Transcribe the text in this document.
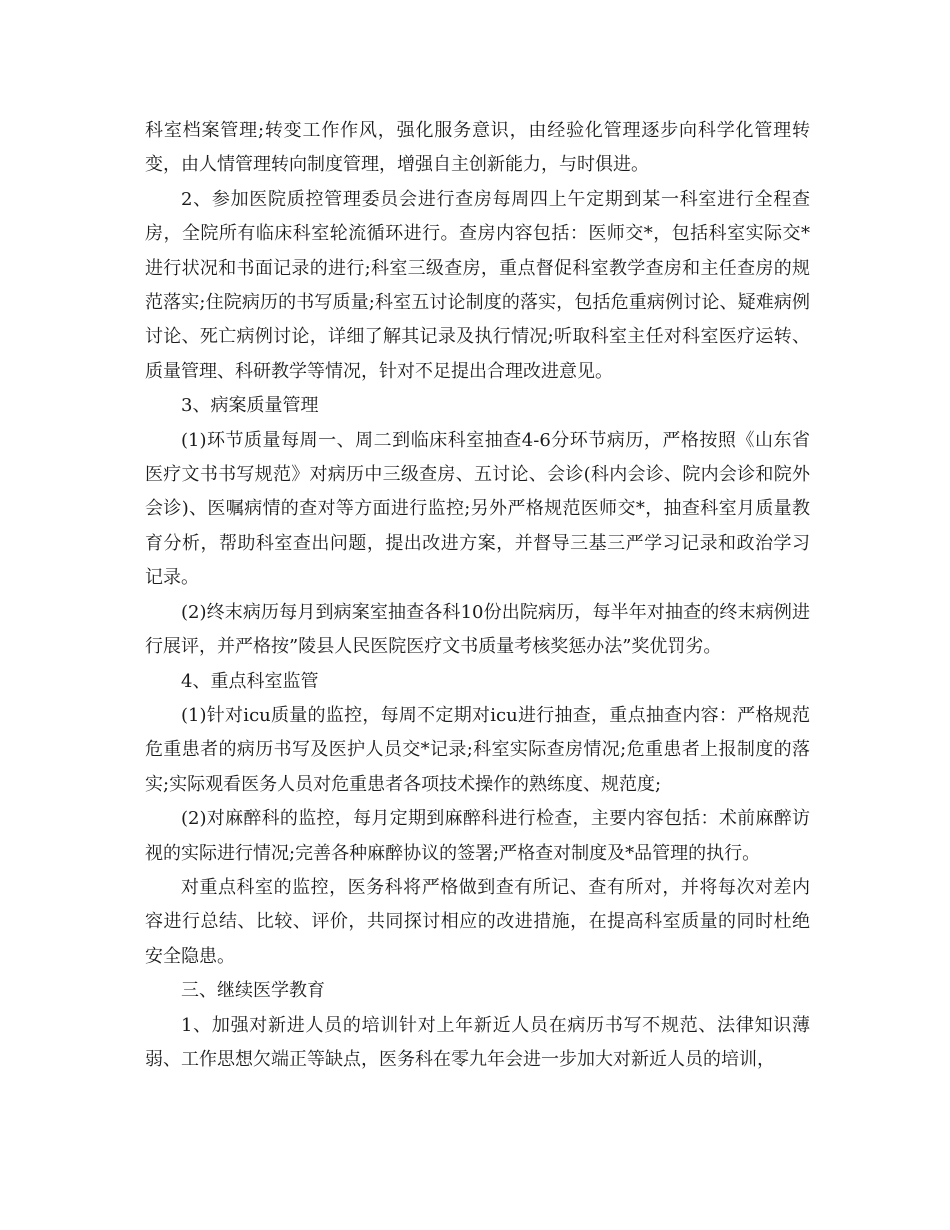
科室档案管理;转变工作作风，强化服务意识，由经验化管理逐步向科学化管理转变，由人情管理转向制度管理，增强自主创新能力，与时俱进。

2、参加医院质控管理委员会进行查房每周四上午定期到某一科室进行全程查房，全院所有临床科室轮流循环进行。查房内容包括：医师交*，包括科室实际交*进行状况和书面记录的进行;科室三级查房，重点督促科室教学查房和主任查房的规范落实;住院病历的书写质量;科室五讨论制度的落实，包括危重病例讨论、疑难病例讨论、死亡病例讨论，详细了解其记录及执行情况;听取科室主任对科室医疗运转、质量管理、科研教学等情况，针对不足提出合理改进意见。

3、病案质量管理

(1)环节质量每周一、周二到临床科室抽查4-6分环节病历，严格按照《山东省医疗文书书写规范》对病历中三级查房、五讨论、会诊(科内会诊、院内会诊和院外会诊)、医嘱病情的查对等方面进行监控;另外严格规范医师交*，抽查科室月质量教育分析，帮助科室查出问题，提出改进方案，并督导三基三严学习记录和政治学习记录。

(2)终末病历每月到病案室抽查各科10份出院病历，每半年对抽查的终末病例进行展评，并严格按”陵县人民医院医疗文书质量考核奖惩办法”奖优罚劣。

4、重点科室监管

(1)针对icu质量的监控，每周不定期对icu进行抽查，重点抽查内容：严格规范危重患者的病历书写及医护人员交*记录;科室实际查房情况;危重患者上报制度的落实;实际观看医务人员对危重患者各项技术操作的熟练度、规范度;

(2)对麻醉科的监控，每月定期到麻醉科进行检查，主要内容包括：术前麻醉访视的实际进行情况;完善各种麻醉协议的签署;严格查对制度及*品管理的执行。

对重点科室的监控，医务科将严格做到查有所记、查有所对，并将每次对差内容进行总结、比较、评价，共同探讨相应的改进措施，在提高科室质量的同时杜绝安全隐患。

三、继续医学教育

1、加强对新进人员的培训针对上年新近人员在病历书写不规范、法律知识薄弱、工作思想欠端正等缺点，医务科在零九年会进一步加大对新近人员的培训，
